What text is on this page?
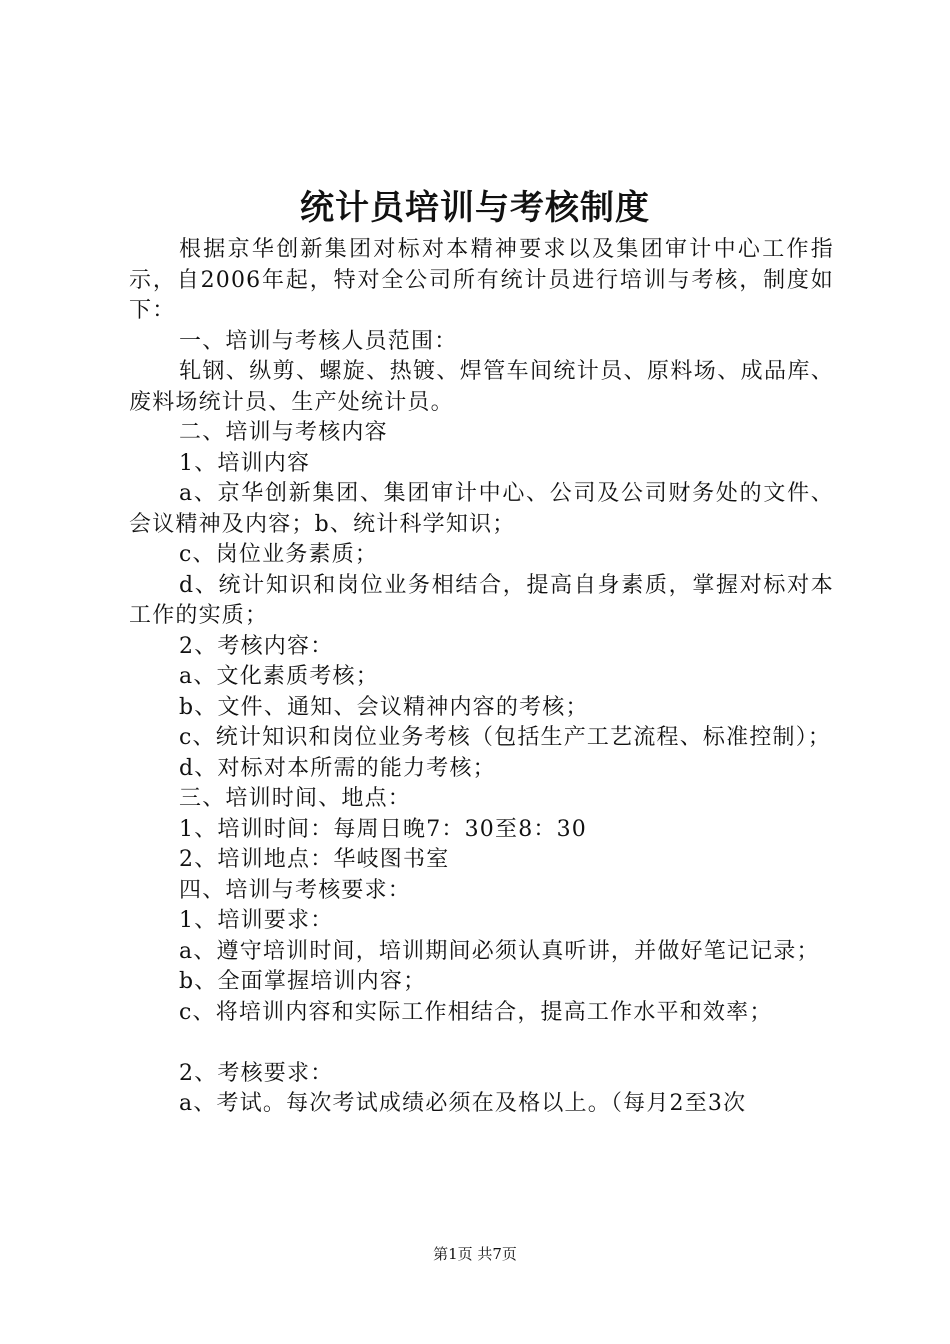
统计员培训与考核制度

根据京华创新集团对标对本精神要求以及集团审计中心工作指示，自2006年起，特对全公司所有统计员进行培训与考核，制度如下：

一、培训与考核人员范围：

轧钢、纵剪、螺旋、热镀、焊管车间统计员、原料场、成品库、废料场统计员、生产处统计员。

二、培训与考核内容

1、培训内容

a、京华创新集团、集团审计中心、公司及公司财务处的文件、会议精神及内容；b、统计科学知识；

c、岗位业务素质；

d、统计知识和岗位业务相结合，提高自身素质，掌握对标对本工作的实质；

2、考核内容：

a、文化素质考核；

b、文件、通知、会议精神内容的考核；

c、统计知识和岗位业务考核（包括生产工艺流程、标准控制）；

d、对标对本所需的能力考核；

三、培训时间、地点：

1、培训时间：每周日晚7：30至8：30

2、培训地点：华岐图书室

四、培训与考核要求：

1、培训要求：

a、遵守培训时间，培训期间必须认真听讲，并做好笔记记录；

b、全面掌握培训内容；

c、将培训内容和实际工作相结合，提高工作水平和效率；

2、考核要求：

a、考试。每次考试成绩必须在及格以上。（每月2至3次

第1页 共7页
